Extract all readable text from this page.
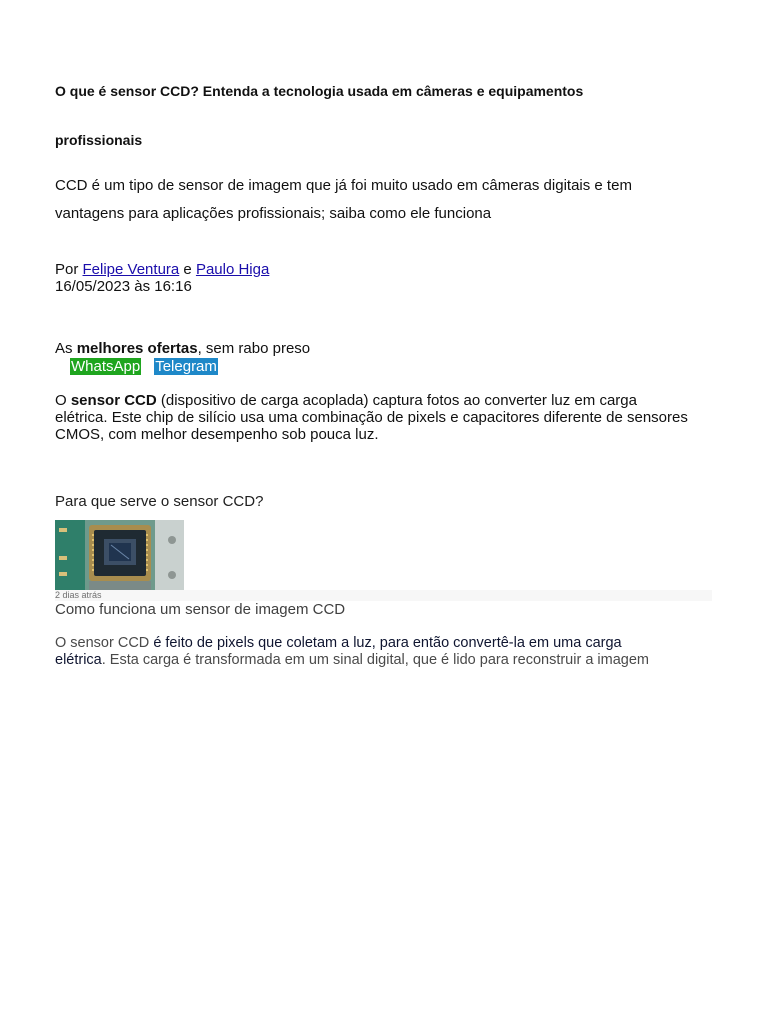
O que é sensor CCD? Entenda a tecnologia usada em câmeras e equipamentos
profissionais
CCD é um tipo de sensor de imagem que já foi muito usado em câmeras digitais e tem
vantagens para aplicações profissionais; saiba como ele funciona
Por Felipe Ventura e Paulo Higa
16/05/2023 às 16:16
As melhores ofertas, sem rabo preso
WhatsApp Telegram
O sensor CCD (dispositivo de carga acoplada) captura fotos ao converter luz em carga
elétrica. Este chip de silício usa uma combinação de pixels e capacitores diferente de sensores
CMOS, com melhor desempenho sob pouca luz.
Para que serve o sensor CCD?
2 dias atrás
Como funciona um sensor de imagem CCD
O sensor CCD é feito de pixels que coletam a luz, para então convertê-la em uma carga
elétrica. Esta carga é transformada em um sinal digital, que é lido para reconstruir a imagem
